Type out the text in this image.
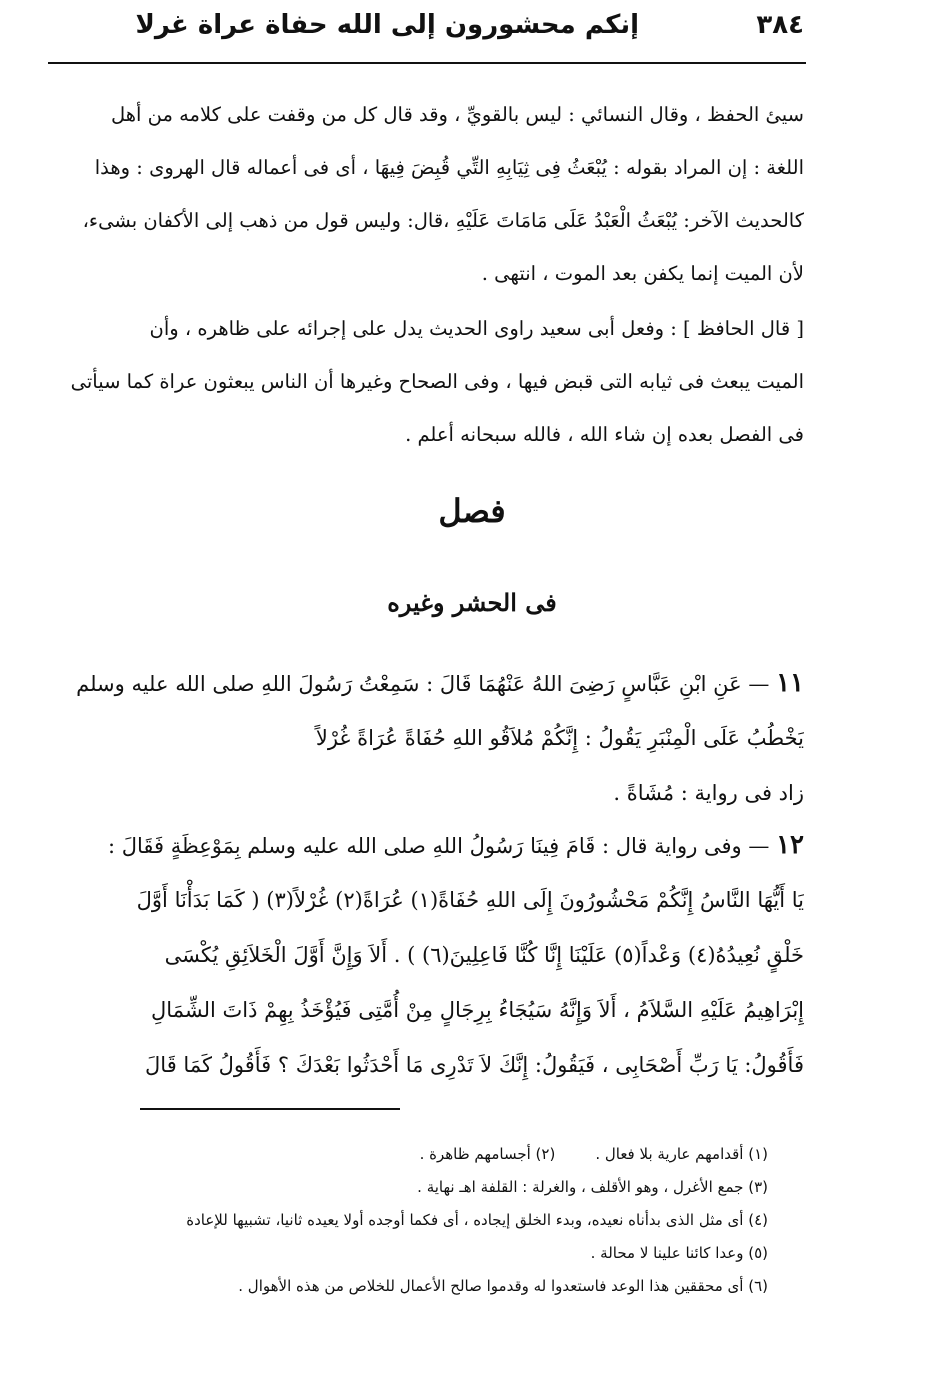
٣٨٤
إنكم محشورون إلى الله حفاة عراة غرلا
سيئ الحفظ ، وقال النسائي : ليس بالقويِّ ، وقد قال كل من وقفت على كلامه من أهل
اللغة : إن المراد بقوله : يُبْعَثُ فِى ثِيَابِهِ التِّي قُبِضَ فِيهَا ، أى فى أعماله قال الهروى : وهذا
كالحديث الآخر: يُبْعَثُ الْعَبْدُ عَلَى مَامَاتَ عَلَيْهِ ،قال: وليس قول من ذهب إلى الأكفان بشىء،
لأن الميت إنما يكفن بعد الموت ، انتهى .
[ قال الحافظ ] : وفعل أبى سعيد راوى الحديث يدل على إجرائه على ظاهره ، وأن
الميت يبعث فى ثيابه التى قبض فيها ، وفى الصحاح وغيرها أن الناس يبعثون عراة كما سيأتى
فى الفصل بعده إن شاء الله ، فالله سبحانه أعلم .
فصل
فى الحشر وغيره
١١ — عَنِ ابْنِ عَبَّاسٍ رَضِىَ اللهُ عَنْهُمَا قَالَ : سَمِعْتُ رَسُولَ اللهِ صلى الله عليه وسلم
يَخْطُبُ عَلَى الْمِنْبَرِ يَقُولُ : إِنَّكُمْ مُلاَقُو اللهِ حُفَاةً عُرَاةً غُرْلاً
زاد فى رواية : مُشَاةً .
١٢ — وفى رواية قال : قَامَ فِينَا رَسُولُ اللهِ صلى الله عليه وسلم بِمَوْعِظَةٍ فَقَالَ :
يَا أَيُّهَا النَّاسُ إِنَّكُمْ مَحْشُورُونَ إِلَى اللهِ حُفَاةً(١) عُرَاةً(٢) غُرْلاً(٣) ( كَمَا بَدَأْنَا أَوَّلَ
خَلْقٍ نُعِيدُهُ(٤) وَعْداً(٥) عَلَيْنَا إِنَّا كُنَّا فَاعِلِينَ(٦) ) . أَلاَ وَإِنَّ أَوَّلَ الْخَلاَئِقِ يُكْسَى
إِبْرَاهِيمُ عَلَيْهِ السَّلاَمُ ، أَلاَ وَإِنَّهُ سَيُجَاءُ بِرِجَالٍ مِنْ أُمَّتِى فَيُؤْخَذُ بِهِمْ ذَاتَ الشِّمَالِ
فَأَقُولُ: يَا رَبِّ أَصْحَابِى ، فَيَقُولُ: إِنَّكَ لاَ تَدْرِى مَا أَحْدَثُوا بَعْدَكَ ؟ فَأَقُولُ كَمَا قَالَ
(١) أقدامهم عارية بلا فعال .(٢) أجسامهم ظاهرة .
(٣) جمع الأغرل ، وهو الأقلف ، والغرلة : القلفة اهـ نهاية .
(٤) أى مثل الذى بدأناه نعيده، وبدء الخلق إيجاده ، أى فكما أوجده أولا يعيده ثانيا، تشبيها للإعادة
(٥) وعدا كائنا علينا لا محالة .
(٦) أى محققين هذا الوعد فاستعدوا له وقدموا صالح الأعمال للخلاص من هذه الأهوال .
